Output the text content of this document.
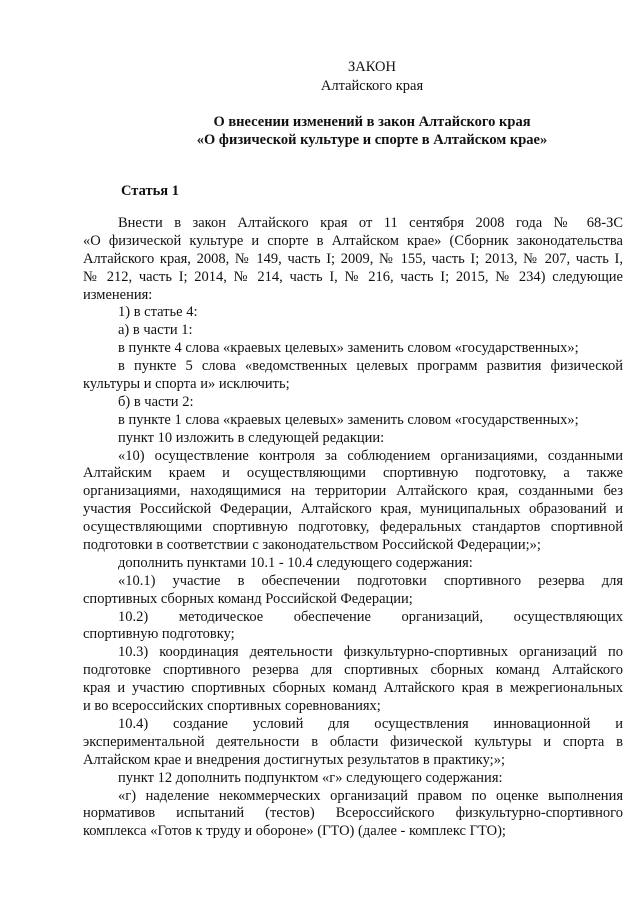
ЗАКОН
Алтайского края
О внесении изменений в закон Алтайского края
«О физической культуре и спорте в Алтайском крае»
Статья 1
Внести в закон Алтайского края от 11 сентября 2008 года № 68-ЗС
«О физической культуре и спорте в Алтайском крае» (Сборник законодательства
Алтайского края, 2008, № 149, часть I; 2009, № 155, часть I; 2013, № 207, часть I,
№ 212, часть I; 2014, № 214, часть I, № 216, часть I; 2015, № 234) следующие
изменения:
1) в статье 4:
а) в части 1:
в пункте 4 слова «краевых целевых» заменить словом «государственных»;
в пункте 5 слова «ведомственных целевых программ развития физической
культуры и спорта и» исключить;
б) в части 2:
в пункте 1 слова «краевых целевых» заменить словом «государственных»;
пункт 10 изложить в следующей редакции:
«10) осуществление контроля за соблюдением организациями, созданными
Алтайским краем и осуществляющими спортивную подготовку, а также
организациями, находящимися на территории Алтайского края, созданными без
участия Российской Федерации, Алтайского края, муниципальных образований и
осуществляющими спортивную подготовку, федеральных стандартов спортивной
подготовки в соответствии с законодательством Российской Федерации;»;
дополнить пунктами 10.1 - 10.4 следующего содержания:
«10.1) участие в обеспечении подготовки спортивного резерва для
спортивных сборных команд Российской Федерации;
10.2) методическое обеспечение организаций, осуществляющих
спортивную подготовку;
10.3) координация деятельности физкультурно-спортивных организаций по
подготовке спортивного резерва для спортивных сборных команд Алтайского
края и участию спортивных сборных команд Алтайского края в межрегиональных
и во всероссийских спортивных соревнованиях;
10.4) создание условий для осуществления инновационной и
экспериментальной деятельности в области физической культуры и спорта в
Алтайском крае и внедрения достигнутых результатов в практику;»;
пункт 12 дополнить подпунктом «г» следующего содержания:
«г) наделение некоммерческих организаций правом по оценке выполнения
нормативов испытаний (тестов) Всероссийского физкультурно-спортивного
комплекса «Готов к труду и обороне» (ГТО) (далее - комплекс ГТО);
